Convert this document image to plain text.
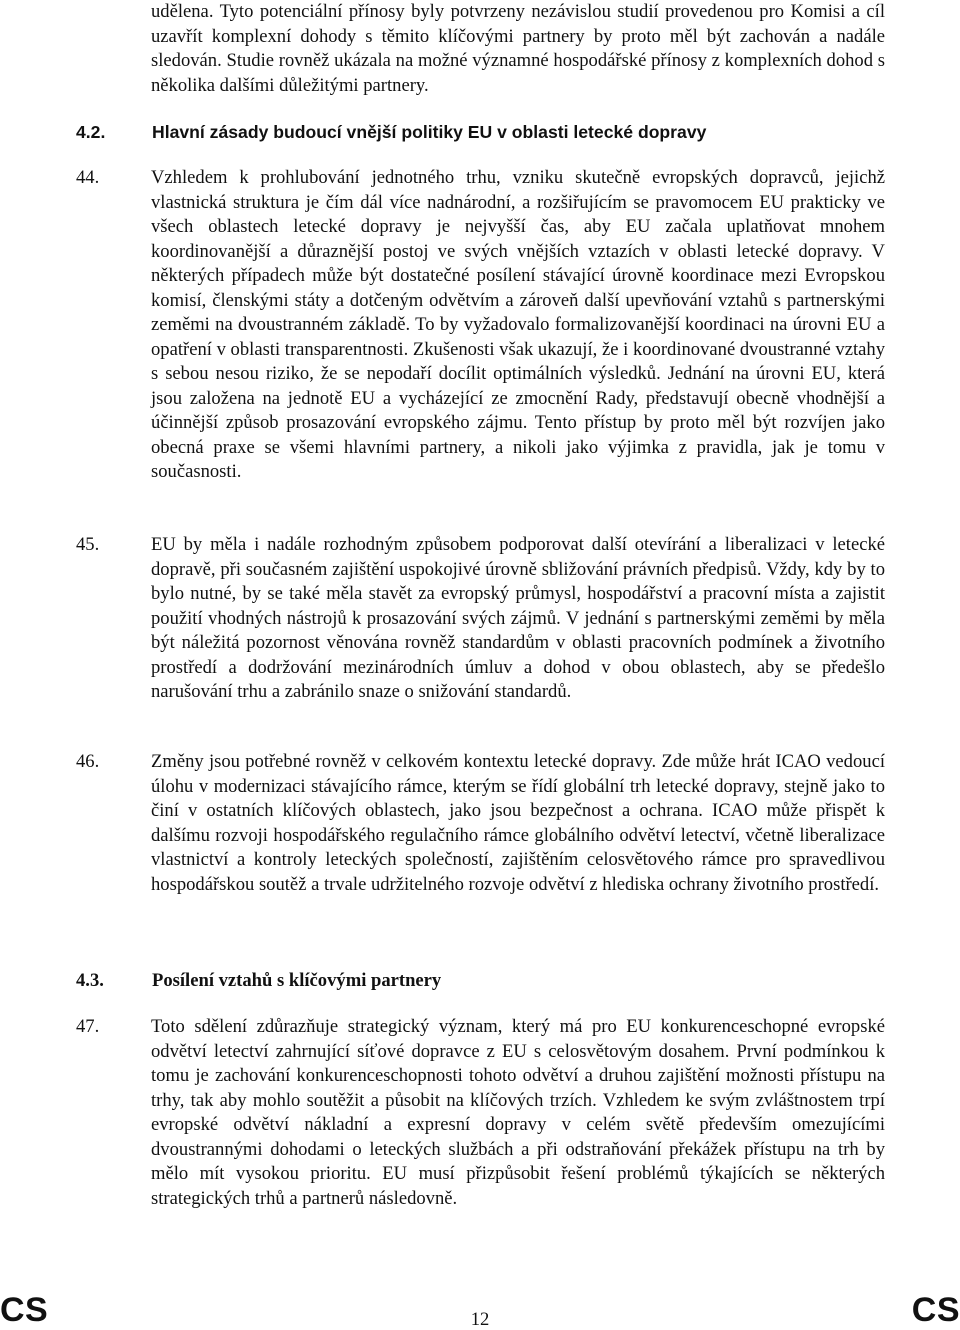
udělena. Tyto potenciální přínosy byly potvrzeny nezávislou studií provedenou pro Komisi a cíl uzavřít komplexní dohody s těmito klíčovými partnery by proto měl být zachován a nadále sledován. Studie rovněž ukázala na možné významné hospodářské přínosy z komplexních dohod s několika dalšími důležitými partnery.
4.2.	Hlavní zásady budoucí vnější politiky EU v oblasti letecké dopravy
44.	Vzhledem k prohlubování jednotného trhu, vzniku skutečně evropských dopravců, jejichž vlastnická struktura je čím dál více nadnárodní, a rozšiřujícím se pravomocem EU prakticky ve všech oblastech letecké dopravy je nejvyšší čas, aby EU začala uplatňovat mnohem koordinovanější a důraznější postoj ve svých vnějších vztazích v oblasti letecké dopravy. V některých případech může být dostatečné posílení stávající úrovně koordinace mezi Evropskou komisí, členskými státy a dotčeným odvětvím a zároveň další upevňování vztahů s partnerskými zeměmi na dvoustranném základě. To by vyžadovalo formalizovanější koordinaci na úrovni EU a opatření v oblasti transparentnosti. Zkušenosti však ukazují, že i koordinované dvoustranné vztahy s sebou nesou riziko, že se nepodaří docílit optimálních výsledků. Jednání na úrovni EU, která jsou založena na jednotě EU a vycházející ze zmocnění Rady, představují obecně vhodnější a účinnější způsob prosazování evropského zájmu. Tento přístup by proto měl být rozvíjen jako obecná praxe se všemi hlavními partnery, a nikoli jako výjimka z pravidla, jak je tomu v současnosti.
45.	EU by měla i nadále rozhodným způsobem podporovat další otevírání a liberalizaci v letecké dopravě, při současném zajištění uspokojivé úrovně sbližování právních předpisů. Vždy, kdy by to bylo nutné, by se také měla stavět za evropský průmysl, hospodářství a pracovní místa a zajistit použití vhodných nástrojů k prosazování svých zájmů. V jednání s partnerskými zeměmi by měla být náležitá pozornost věnována rovněž standardům v oblasti pracovních podmínek a životního prostředí a dodržování mezinárodních úmluv a dohod v obou oblastech, aby se předešlo narušování trhu a zabránilo snaze o snižování standardů.
46.	Změny jsou potřebné rovněž v celkovém kontextu letecké dopravy. Zde může hrát ICAO vedoucí úlohu v modernizaci stávajícího rámce, kterým se řídí globální trh letecké dopravy, stejně jako to činí v ostatních klíčových oblastech, jako jsou bezpečnost a ochrana. ICAO může přispět k dalšímu rozvoji hospodářského regulačního rámce globálního odvětví letectví, včetně liberalizace vlastnictví a kontroly leteckých společností, zajištěním celosvětového rámce pro spravedlivou hospodářskou soutěž a trvale udržitelného rozvoje odvětví z hlediska ochrany životního prostředí.
4.3.	Posílení vztahů s klíčovými partnery
47.	Toto sdělení zdůrazňuje strategický význam, který má pro EU konkurenceschopné evropské odvětví letectví zahrnující síťové dopravce z EU s celosvětovým dosahem. První podmínkou k tomu je zachování konkurenceschopnosti tohoto odvětví a druhou zajištění možnosti přístupu na trhy, tak aby mohlo soutěžit a působit na klíčových trzích. Vzhledem ke svým zvláštnostem trpí evropské odvětví nákladní a expresní dopravy v celém světě především omezujícími dvoustrannými dohodami o leteckých službách a při odstraňování překážek přístupu na trh by mělo mít vysokou prioritu. EU musí přizpůsobit řešení problémů týkajících se některých strategických trhů a partnerů následovně.
CS	12	CS
